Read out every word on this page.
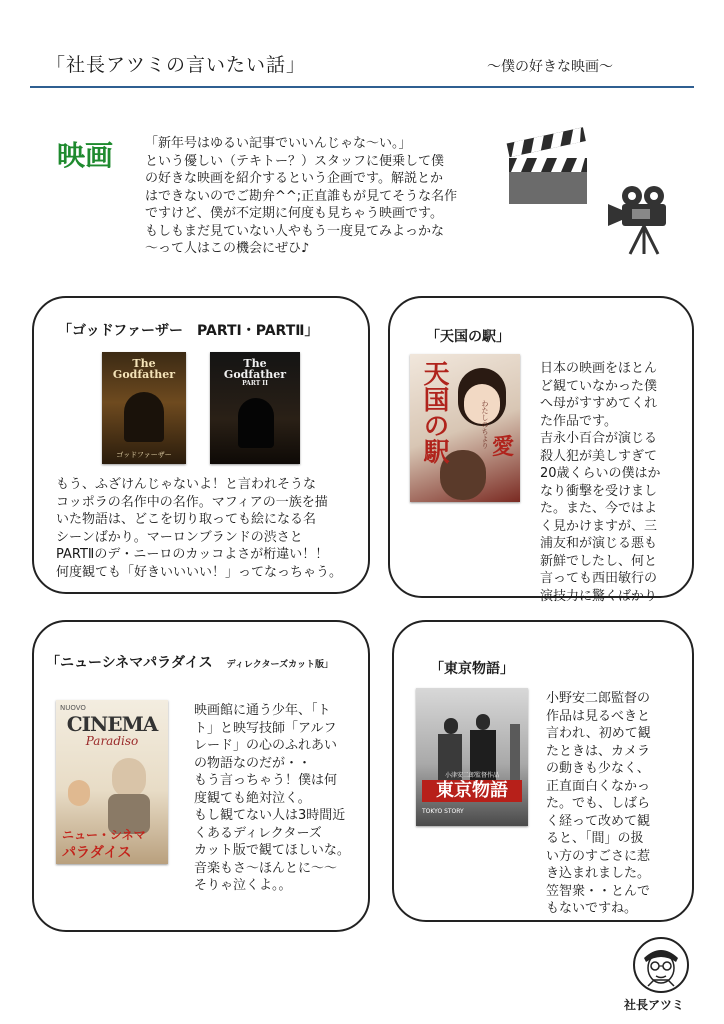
「社長アツミの言いたい話」	〜僕の好きな映画〜
映画 「新年号はゆるい記事でいいんじゃな〜い。」

という優しい（テキトー？）スタッフに便乗して僕

の好きな映画を紹介するという企画です。解説とか

はできないのでご勘弁^^;正直誰もが見てそうな名作

ですけど、僕が不定期に何度も見ちゃう映画です。

もしもまだ見ていない人やもう一度見てみよっかな

〜って人はこの機会にぜひ♪

「ゴッドファーザー　PARTⅠ・PARTⅡ」
The
Godfather
ゴッドファーザー
The
Godfather
PART II

もう、ふざけんじゃないよ！と言われそうな

コッポラの名作中の名作。マフィアの一族を描

いた物語は、どこを切り取っても絵になる名

シーンばかり。マーロンブランドの渋さと

PARTⅡのデ・ニーロのカッコよさが桁違い！！

何度観ても「好きいいいい！」ってなっちゃう。

「天国の駅」
天国の駅 愛
わたしのちより

日本の映画をほとん

ど観ていなかった僕

へ母がすすめてくれ

た作品です。

吉永小百合が演じる

殺人犯が美しすぎて

20歳くらいの僕はか

なり衝撃を受けまし

た。また、今ではよ

く見かけますが、三

浦友和が演じる悪も

新鮮でしたし、何と

言っても西田敏行の

演技力に驚くばかり

「ニューシネマパラダイス ディレクターズカット版」
NUOVO
CINEMA
Paradiso
ニュー・シネマ
パラダイス

映画館に通う少年、「ト

ト」と映写技師「アルフ

レード」の心のふれあい

の物語なのだが・・

もう言っちゃう！僕は何

度観ても絶対泣く。

もし観てない人は3時間近

くあるディレクターズ

カット版で観てほしいな。

音楽もさ〜ほんとに〜〜

そりゃ泣くよ。。

「東京物語」
小津安二郎監督作品
東京物語
TOKYO STORY

小野安二郎監督の

作品は見るべきと

言われ、初めて観

たときは、カメラ

の動きも少なく、

正直面白くなかっ

た。でも、しばら

く経って改めて観

ると、「間」の扱

い方のすごさに惹

き込まれました。

笠智衆・・とんで

もないですね。

社長アツミ
